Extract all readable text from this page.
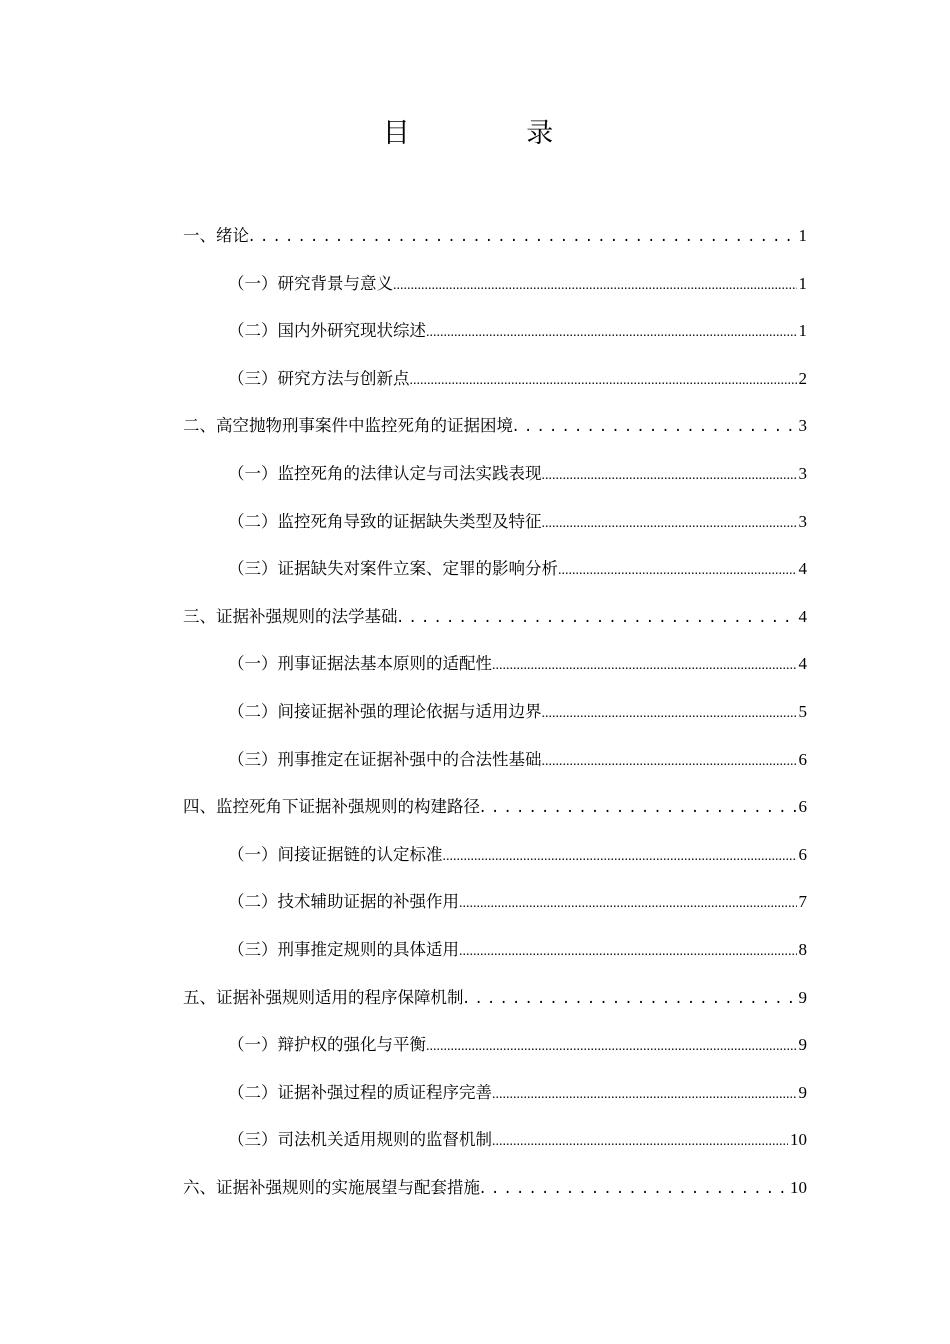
目 录
一、绪论 . . .	1
（一）研究背景与意义 .....	1
（二）国内外研究现状综述 .....	1
（三）研究方法与创新点 .....	2
二、高空抛物刑事案件中监控死角的证据困境 . . .	3
（一）监控死角的法律认定与司法实践表现 .....	3
（二）监控死角导致的证据缺失类型及特征 .....	3
（三）证据缺失对案件立案、定罪的影响分析 .....	4
三、证据补强规则的法学基础 . . .	4
（一）刑事证据法基本原则的适配性 .....	4
（二）间接证据补强的理论依据与适用边界 .....	5
（三）刑事推定在证据补强中的合法性基础 .....	6
四、监控死角下证据补强规则的构建路径 . . .	6
（一）间接证据链的认定标准 .....	6
（二）技术辅助证据的补强作用 .....	7
（三）刑事推定规则的具体适用 .....	8
五、证据补强规则适用的程序保障机制 . . .	9
（一）辩护权的强化与平衡 .....	9
（二）证据补强过程的质证程序完善 .....	9
（三）司法机关适用规则的监督机制 .....	10
六、证据补强规则的实施展望与配套措施 . . .	10
